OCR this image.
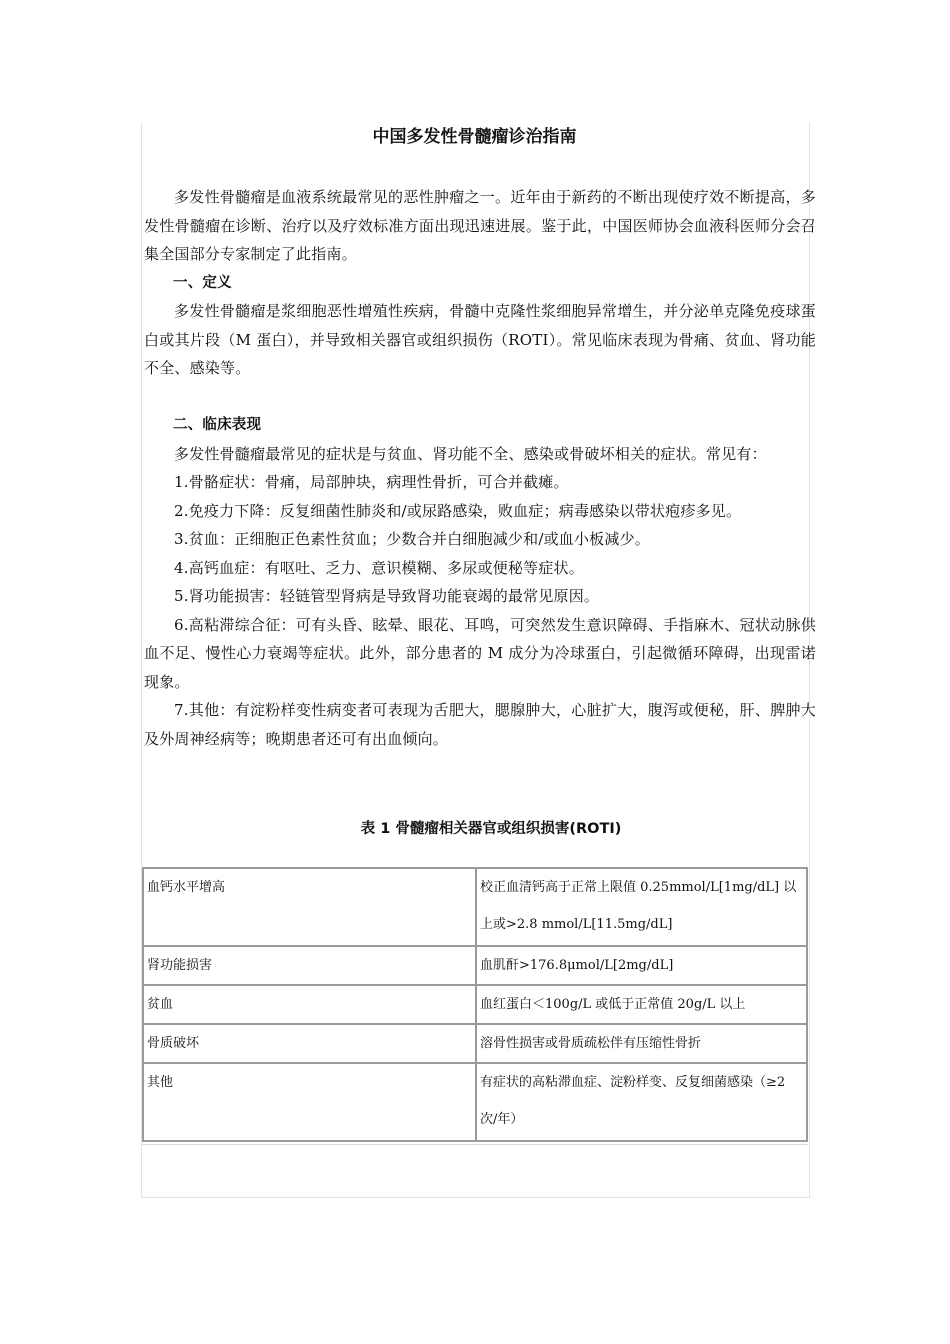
中国多发性骨髓瘤诊治指南

多发性骨髓瘤是血液系统最常见的恶性肿瘤之一。近年由于新药的不断出现使疗效不断提高，多发性骨髓瘤在诊断、治疗以及疗效标准方面出现迅速进展。鉴于此，中国医师协会血液科医师分会召集全国部分专家制定了此指南。

一、定义

多发性骨髓瘤是浆细胞恶性增殖性疾病，骨髓中克隆性浆细胞异常增生，并分泌单克隆免疫球蛋白或其片段（M 蛋白），并导致相关器官或组织损伤（ROTI）。常见临床表现为骨痛、贫血、肾功能不全、感染等。

二、临床表现

多发性骨髓瘤最常见的症状是与贫血、肾功能不全、感染或骨破坏相关的症状。常见有：

1.骨骼症状：骨痛，局部肿块，病理性骨折，可合并截瘫。

2.免疫力下降：反复细菌性肺炎和/或尿路感染，败血症；病毒感染以带状疱疹多见。

3.贫血：正细胞正色素性贫血；少数合并白细胞减少和/或血小板减少。

4.高钙血症：有呕吐、乏力、意识模糊、多尿或便秘等症状。

5.肾功能损害：轻链管型肾病是导致肾功能衰竭的最常见原因。

6.高粘滞综合征：可有头昏、眩晕、眼花、耳鸣，可突然发生意识障碍、手指麻木、冠状动脉供血不足、慢性心力衰竭等症状。此外，部分患者的 M 成分为冷球蛋白，引起微循环障碍，出现雷诺现象。

7.其他：有淀粉样变性病变者可表现为舌肥大，腮腺肿大，心脏扩大，腹泻或便秘，肝、脾肿大及外周神经病等；晚期患者还可有出血倾向。

表 1 骨髓瘤相关器官或组织损害(ROTI)
血钙水平增高	校正血清钙高于正常上限值 0.25mmol/L[1mg/dL] 以上或>2.8 mmol/L[11.5mg/dL]
肾功能损害	血肌酐>176.8μmol/L[2mg/dL]
贫血	血红蛋白＜100g/L 或低于正常值 20g/L 以上
骨质破坏	溶骨性损害或骨质疏松伴有压缩性骨折
其他	有症状的高粘滞血症、淀粉样变、反复细菌感染（≥2 次/年）
